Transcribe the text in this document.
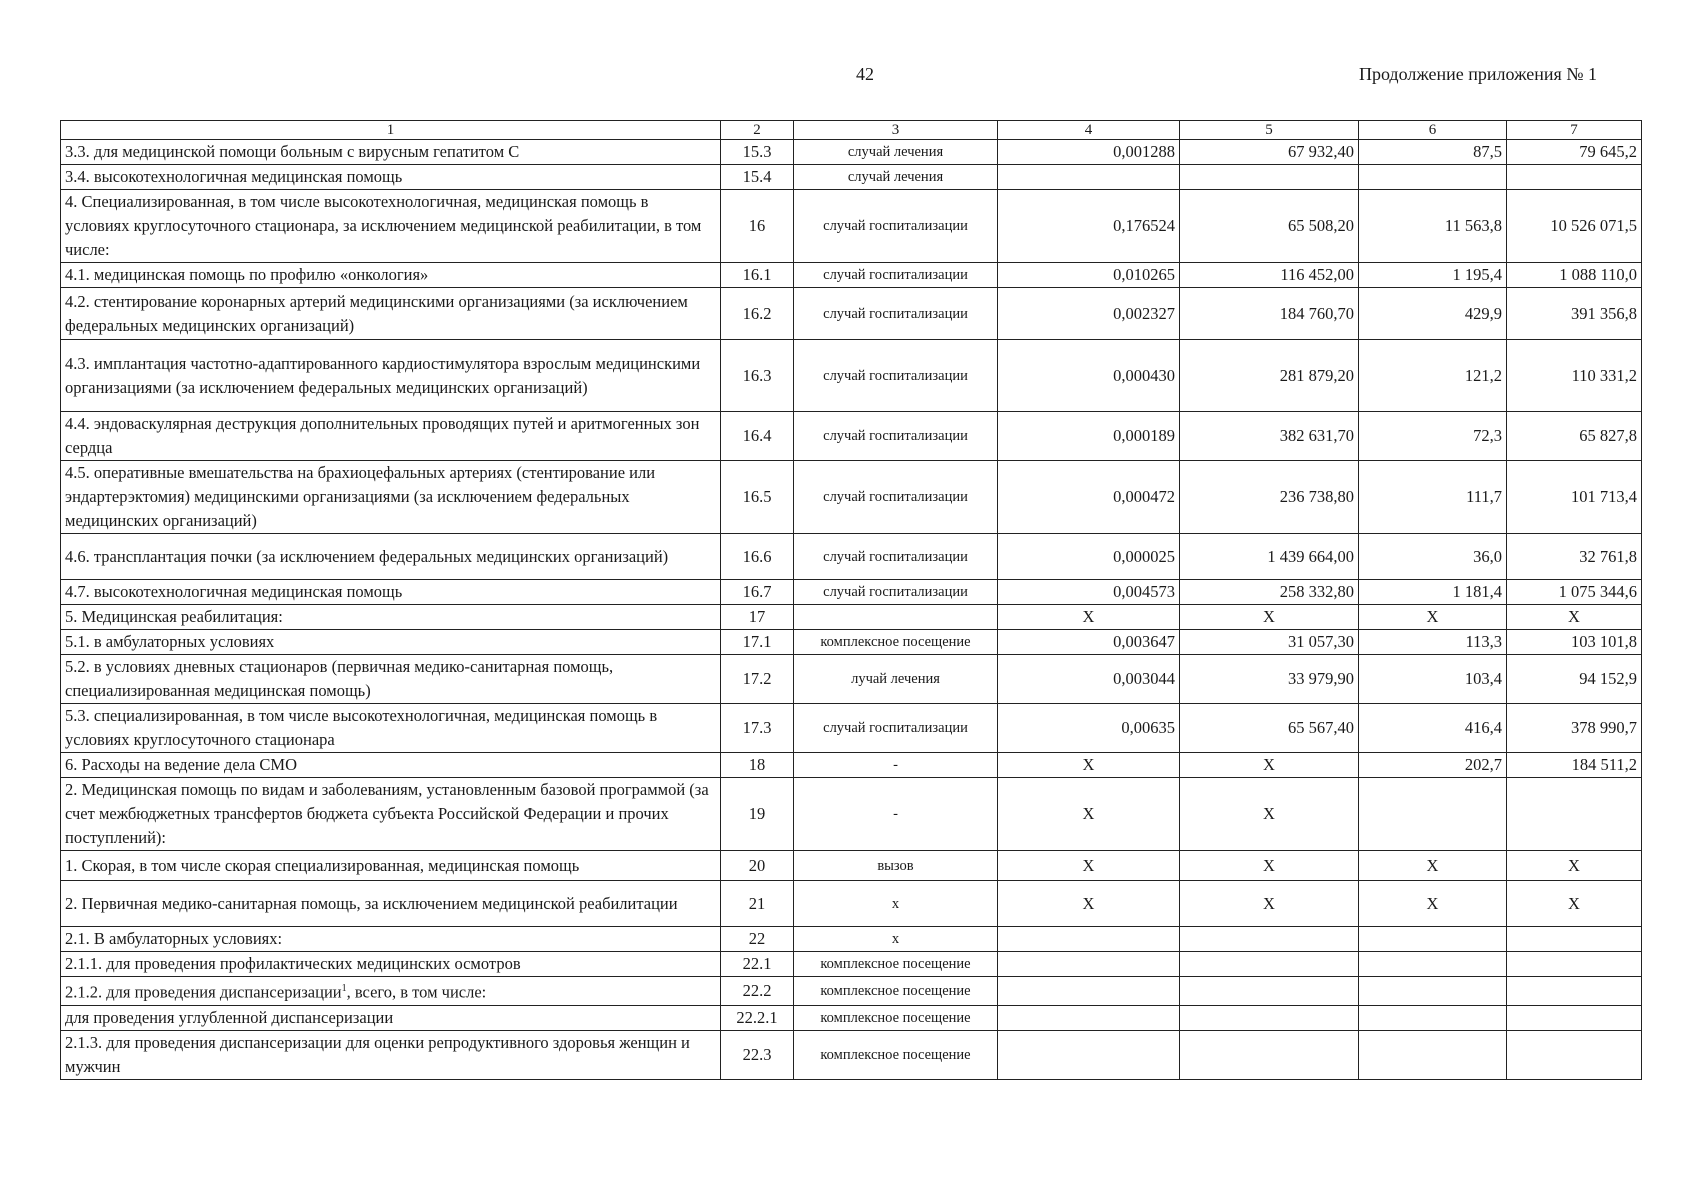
42	Продолжение приложения № 1
1	2	3	4	5	6	7
3.3. для медицинской помощи больным с вирусным гепатитом С	15.3	случай лечения	0,001288	67 932,40	87,5	79 645,2
3.4. высокотехнологичная медицинская помощь	15.4	случай лечения				
4. Специализированная, в том числе высокотехнологичная, медицинская помощь в условиях круглосуточного стационара, за исключением медицинской реабилитации, в том числе:	16	случай госпитализации	0,176524	65 508,20	11 563,8	10 526 071,5
4.1. медицинская помощь по профилю «онкология»	16.1	случай госпитализации	0,010265	116 452,00	1 195,4	1 088 110,0
4.2. стентирование коронарных артерий медицинскими организациями (за исключением федеральных медицинских организаций)	16.2	случай госпитализации	0,002327	184 760,70	429,9	391 356,8
4.3. имплантация частотно-адаптированного кардиостимулятора взрослым медицинскими организациями (за исключением федеральных медицинских организаций)	16.3	случай госпитализации	0,000430	281 879,20	121,2	110 331,2
4.4. эндоваскулярная деструкция дополнительных проводящих путей и аритмогенных зон сердца	16.4	случай госпитализации	0,000189	382 631,70	72,3	65 827,8
4.5. оперативные вмешательства на брахиоцефальных артериях (стентирование или эндартерэктомия) медицинскими организациями (за исключением федеральных медицинских организаций)	16.5	случай госпитализации	0,000472	236 738,80	111,7	101 713,4
4.6. трансплантация почки (за исключением федеральных медицинских организаций)	16.6	случай госпитализации	0,000025	1 439 664,00	36,0	32 761,8
4.7. высокотехнологичная медицинская помощь	16.7	случай госпитализации	0,004573	258 332,80	1 181,4	1 075 344,6
5. Медицинская реабилитация:	17		X	X	X	X
5.1. в амбулаторных условиях	17.1	комплексное посещение	0,003647	31 057,30	113,3	103 101,8
5.2. в условиях дневных стационаров (первичная медико-санитарная помощь, специализированная медицинская помощь)	17.2	лучай лечения	0,003044	33 979,90	103,4	94 152,9
5.3. специализированная, в том числе высокотехнологичная, медицинская помощь в условиях круглосуточного стационара	17.3	случай госпитализации	0,00635	65 567,40	416,4	378 990,7
6. Расходы на ведение дела СМО	18	-	X	X	202,7	184 511,2
2. Медицинская помощь по видам и заболеваниям, установленным базовой программой (за счет межбюджетных трансфертов бюджета субъекта Российской Федерации и прочих поступлений):	19	-	X	X		
1. Скорая, в том числе скорая специализированная, медицинская помощь	20	вызов	X	X	X	X
2. Первичная медико-санитарная помощь, за исключением медицинской реабилитации	21	х	X	X	X	X
2.1. В амбулаторных условиях:	22	х				
2.1.1. для проведения профилактических медицинских осмотров	22.1	комплексное посещение				
2.1.2. для проведения диспансеризации$^1$, всего, в том числе:	22.2	комплексное посещение				
для проведения углубленной диспансеризации	22.2.1	комплексное посещение				
2.1.3. для проведения диспансеризации для оценки репродуктивного здоровья женщин и мужчин	22.3	комплексное посещение				
